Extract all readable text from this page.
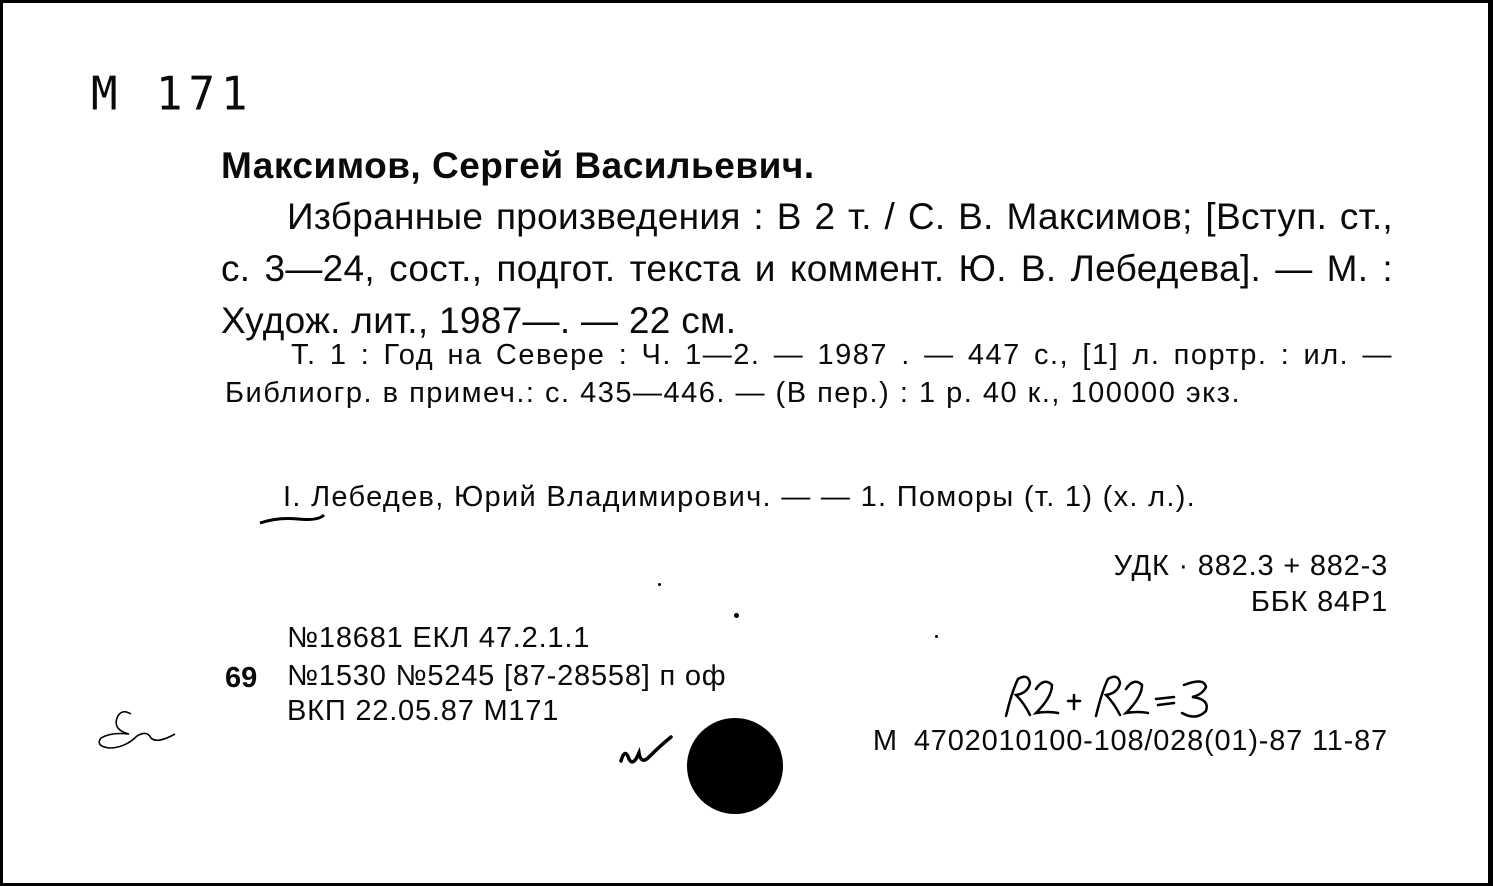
М 171
Максимов, Сергей Васильевич.
Избранные произведения : В 2 т. / С. В. Максимов; [Вступ. ст., с. 3—24, сост., подгот. текста и коммент. Ю. В. Лебедева]. — М. : Худож. лит., 1987—. — 22 см.
Т. 1 : Год на Севере : Ч. 1—2. — 1987 . — 447 с., [1] л. портр. : ил. — Библиогр. в примеч.: с. 435—446. — (В пер.) : 1 р. 40 к., 100000 экз.
I. Лебедев, Юрий Владимирович. — — 1. Поморы (т. 1) (х. л.).
УДК · 882.3 + 882-3
ББК 84Р1
№18681 ЕКЛ 47.2.1.1
69 №1530 №5245 [87-28558] п оф
ВКП 22.05.87 М171
М 4702010100-108/028(01)-87 11-87
